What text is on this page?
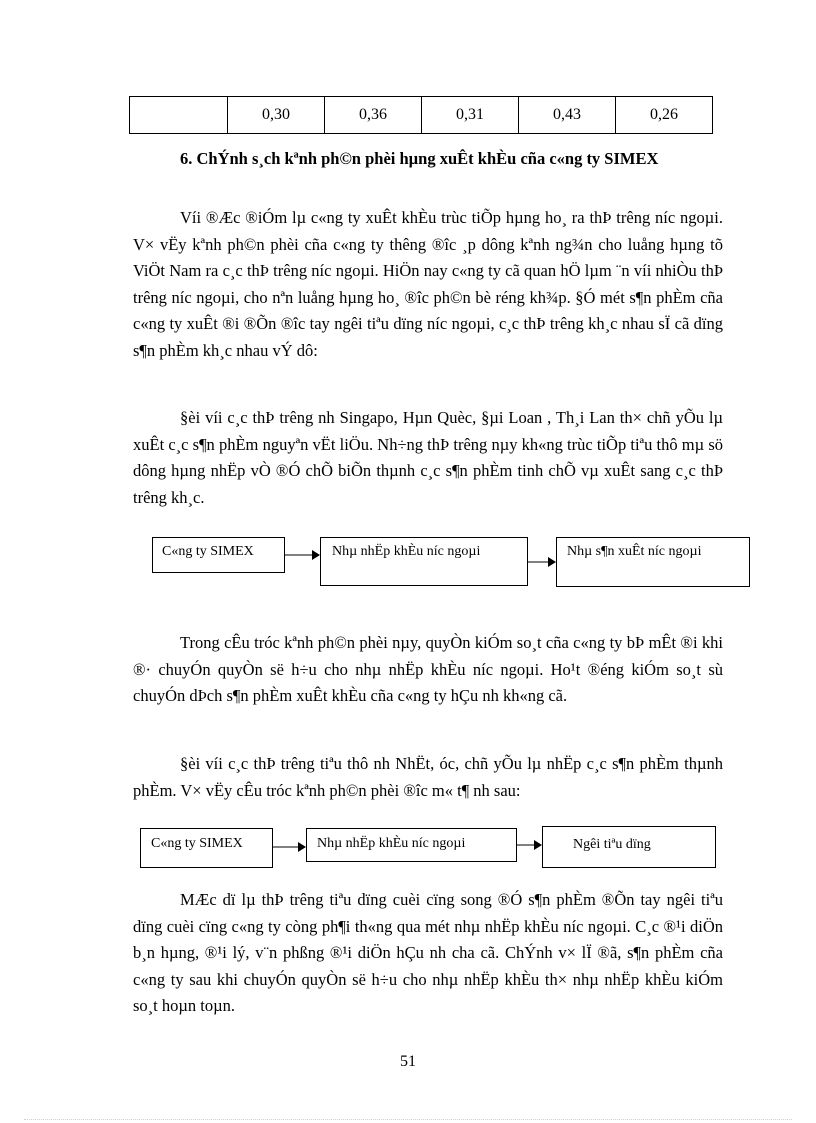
	0,30	0,36	0,31	0,43	0,26

6. ChÝnh s¸ch kªnh ph©n phèi hµng xuÊt khÈu cña c«ng ty SIMEX

Víi ®Æc ®iÓm lµ c«ng ty xuÊt khÈu trùc tiÕp hµng ho¸ ra thÞ trêng níc ngoµi. V× vËy kªnh ph©n phèi cña c«ng ty thêng ®îc ¸p dông kªnh ng¾n cho luång hµng tõ ViÖt Nam ra c¸c thÞ trêng níc ngoµi. HiÖn nay c«ng ty cã quan hÖ lµm ¨n víi nhiÒu thÞ trêng níc ngoµi, cho nªn luång hµng ho¸ ®îc ph©n bè réng kh¾p. §Ó mét s¶n phÈm cña c«ng ty xuÊt ®i ®Õn ®îc tay ngêi tiªu dïng níc ngoµi, c¸c thÞ trêng kh¸c nhau sÏ cã dïng s¶n phÈm kh¸c nhau vÝ dô:

§èi víi c¸c thÞ trêng nh Singapo, Hµn Quèc, §µi Loan , Th¸i Lan th× chñ yÕu lµ xuÊt c¸c s¶n phÈm nguyªn vËt liÖu. Nh÷ng thÞ trêng nµy kh«ng trùc tiÕp tiªu thô mµ sö dông hµng nhËp vÒ ®Ó chÕ biÕn thµnh c¸c s¶n phÈm tinh chÕ vµ xuÊt sang c¸c thÞ trêng kh¸c.

C«ng ty SIMEX	Nhµ nhËp khÈu níc ngoµi	Nhµ s¶n xuÊt níc ngoµi

Trong cÊu tróc kªnh ph©n phèi nµy, quyÒn kiÓm so¸t cña c«ng ty bÞ mÊt ®i khi ®· chuyÓn quyÒn së h÷u cho nhµ nhËp khÈu níc ngoµi. Ho¹t ®éng kiÓm so¸t sù chuyÓn dÞch s¶n phÈm xuÊt khÈu cña c«ng ty hÇu nh kh«ng cã.

§èi víi c¸c thÞ trêng tiªu thô nh NhËt, óc, chñ yÕu lµ nhËp c¸c s¶n phÈm thµnh phÈm. V× vËy cÊu tróc kªnh ph©n phèi ®îc m« t¶ nh sau:

C«ng ty SIMEX	Nhµ nhËp khÈu níc ngoµi	Ngêi tiªu dïng

MÆc dï lµ thÞ trêng tiªu dïng cuèi cïng song ®Ó s¶n phÈm ®Õn tay ngêi tiªu dïng cuèi cïng c«ng ty còng ph¶i th«ng qua mét nhµ nhËp khÈu níc ngoµi. C¸c ®¹i diÖn b¸n hµng, ®¹i lý, v¨n phßng ®¹i diÖn hÇu nh cha cã. ChÝnh v× lÏ ®ã, s¶n phÈm cña c«ng ty sau khi chuyÓn quyÒn së h÷u cho nhµ nhËp khÈu th× nhµ nhËp khÈu kiÓm so¸t hoµn toµn.

51
